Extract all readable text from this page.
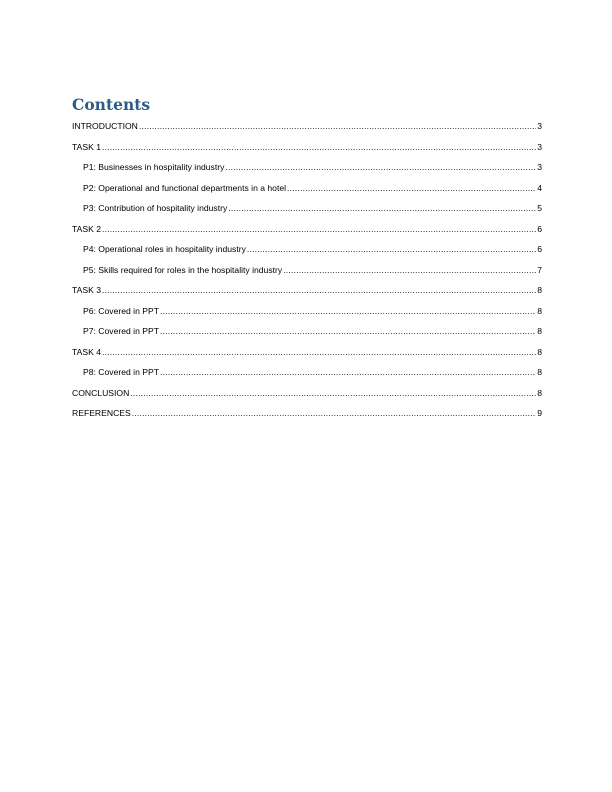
Contents
INTRODUCTION .....	3
TASK 1 .....	3
P1: Businesses in hospitality industry .....	3
P2: Operational and functional departments in a hotel .....	4
P3: Contribution of hospitality industry .....	5
TASK 2 .....	6
P4: Operational roles in hospitality industry .....	6
P5: Skills required for roles in the hospitality industry .....	7
TASK 3 .....	8
P6: Covered in PPT .....	8
P7: Covered in PPT .....	8
TASK 4 .....	8
P8: Covered in PPT .....	8
CONCLUSION .....	8
REFERENCES .....	9
